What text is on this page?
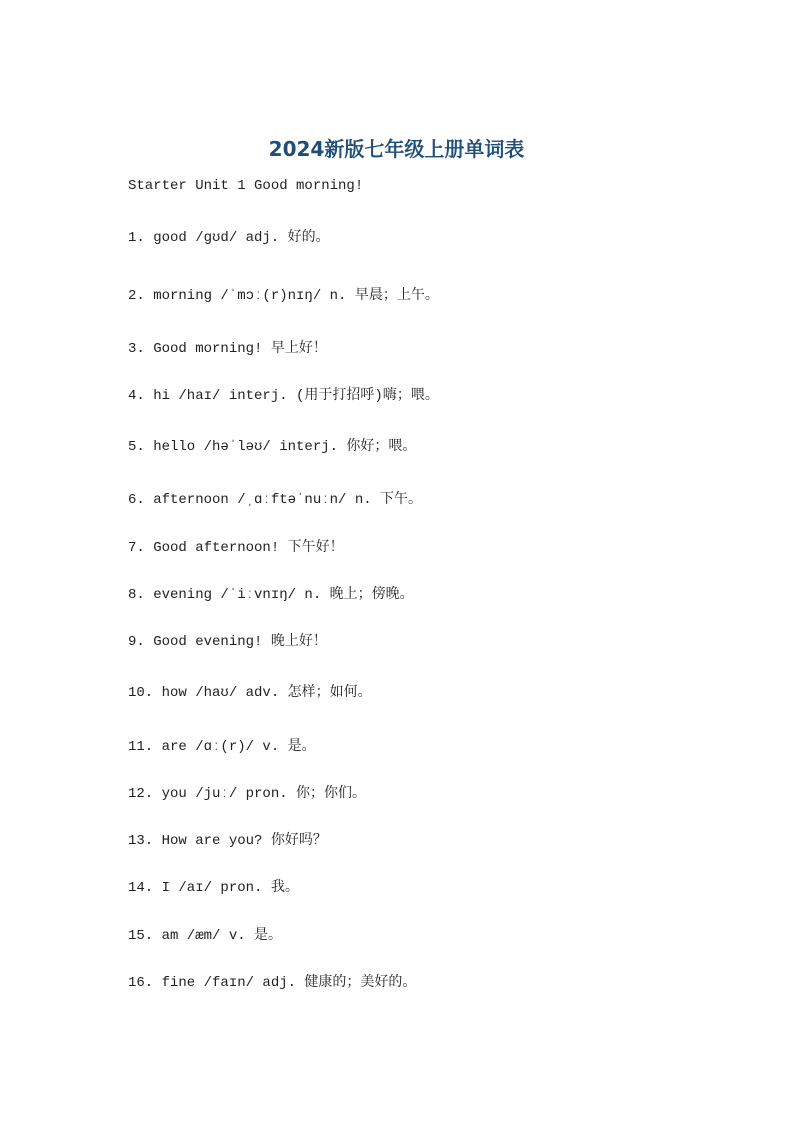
2024新版七年级上册单词表
Starter Unit 1 Good morning!
1. good /gʊd/ adj. 好的。
2. morning /ˈmɔː(r)nɪŋ/ n. 早晨；上午。
3. Good morning! 早上好！
4. hi /haɪ/ interj. (用于打招呼)嗨；喂。
5. hello /həˈləʊ/ interj. 你好；喂。
6. afternoon /ˌɑːftəˈnuːn/ n. 下午。
7. Good afternoon! 下午好！
8. evening /ˈiːvnɪŋ/ n. 晚上；傍晚。
9. Good evening! 晚上好！
10. how /haʊ/ adv. 怎样；如何。
11. are /ɑː(r)/ v. 是。
12. you /juː/ pron. 你；你们。
13. How are you? 你好吗？
14. I /aɪ/ pron. 我。
15. am /æm/ v. 是。
16. fine /faɪn/ adj. 健康的；美好的。
